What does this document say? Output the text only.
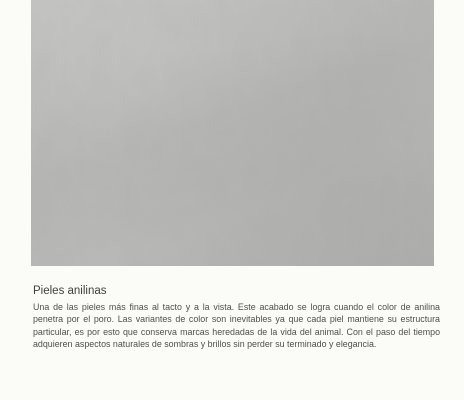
Pieles anilinas

Una de las pieles más finas al tacto y a la vista. Este acabado se logra cuando el color de anilina penetra por el poro. Las variantes de color son inevitables ya que cada piel mantiene su estructura particular, es por esto que conserva marcas heredadas de la vida del animal. Con el paso del tiempo adquieren aspectos naturales de sombras y brillos sin perder su terminado y elegancia.
